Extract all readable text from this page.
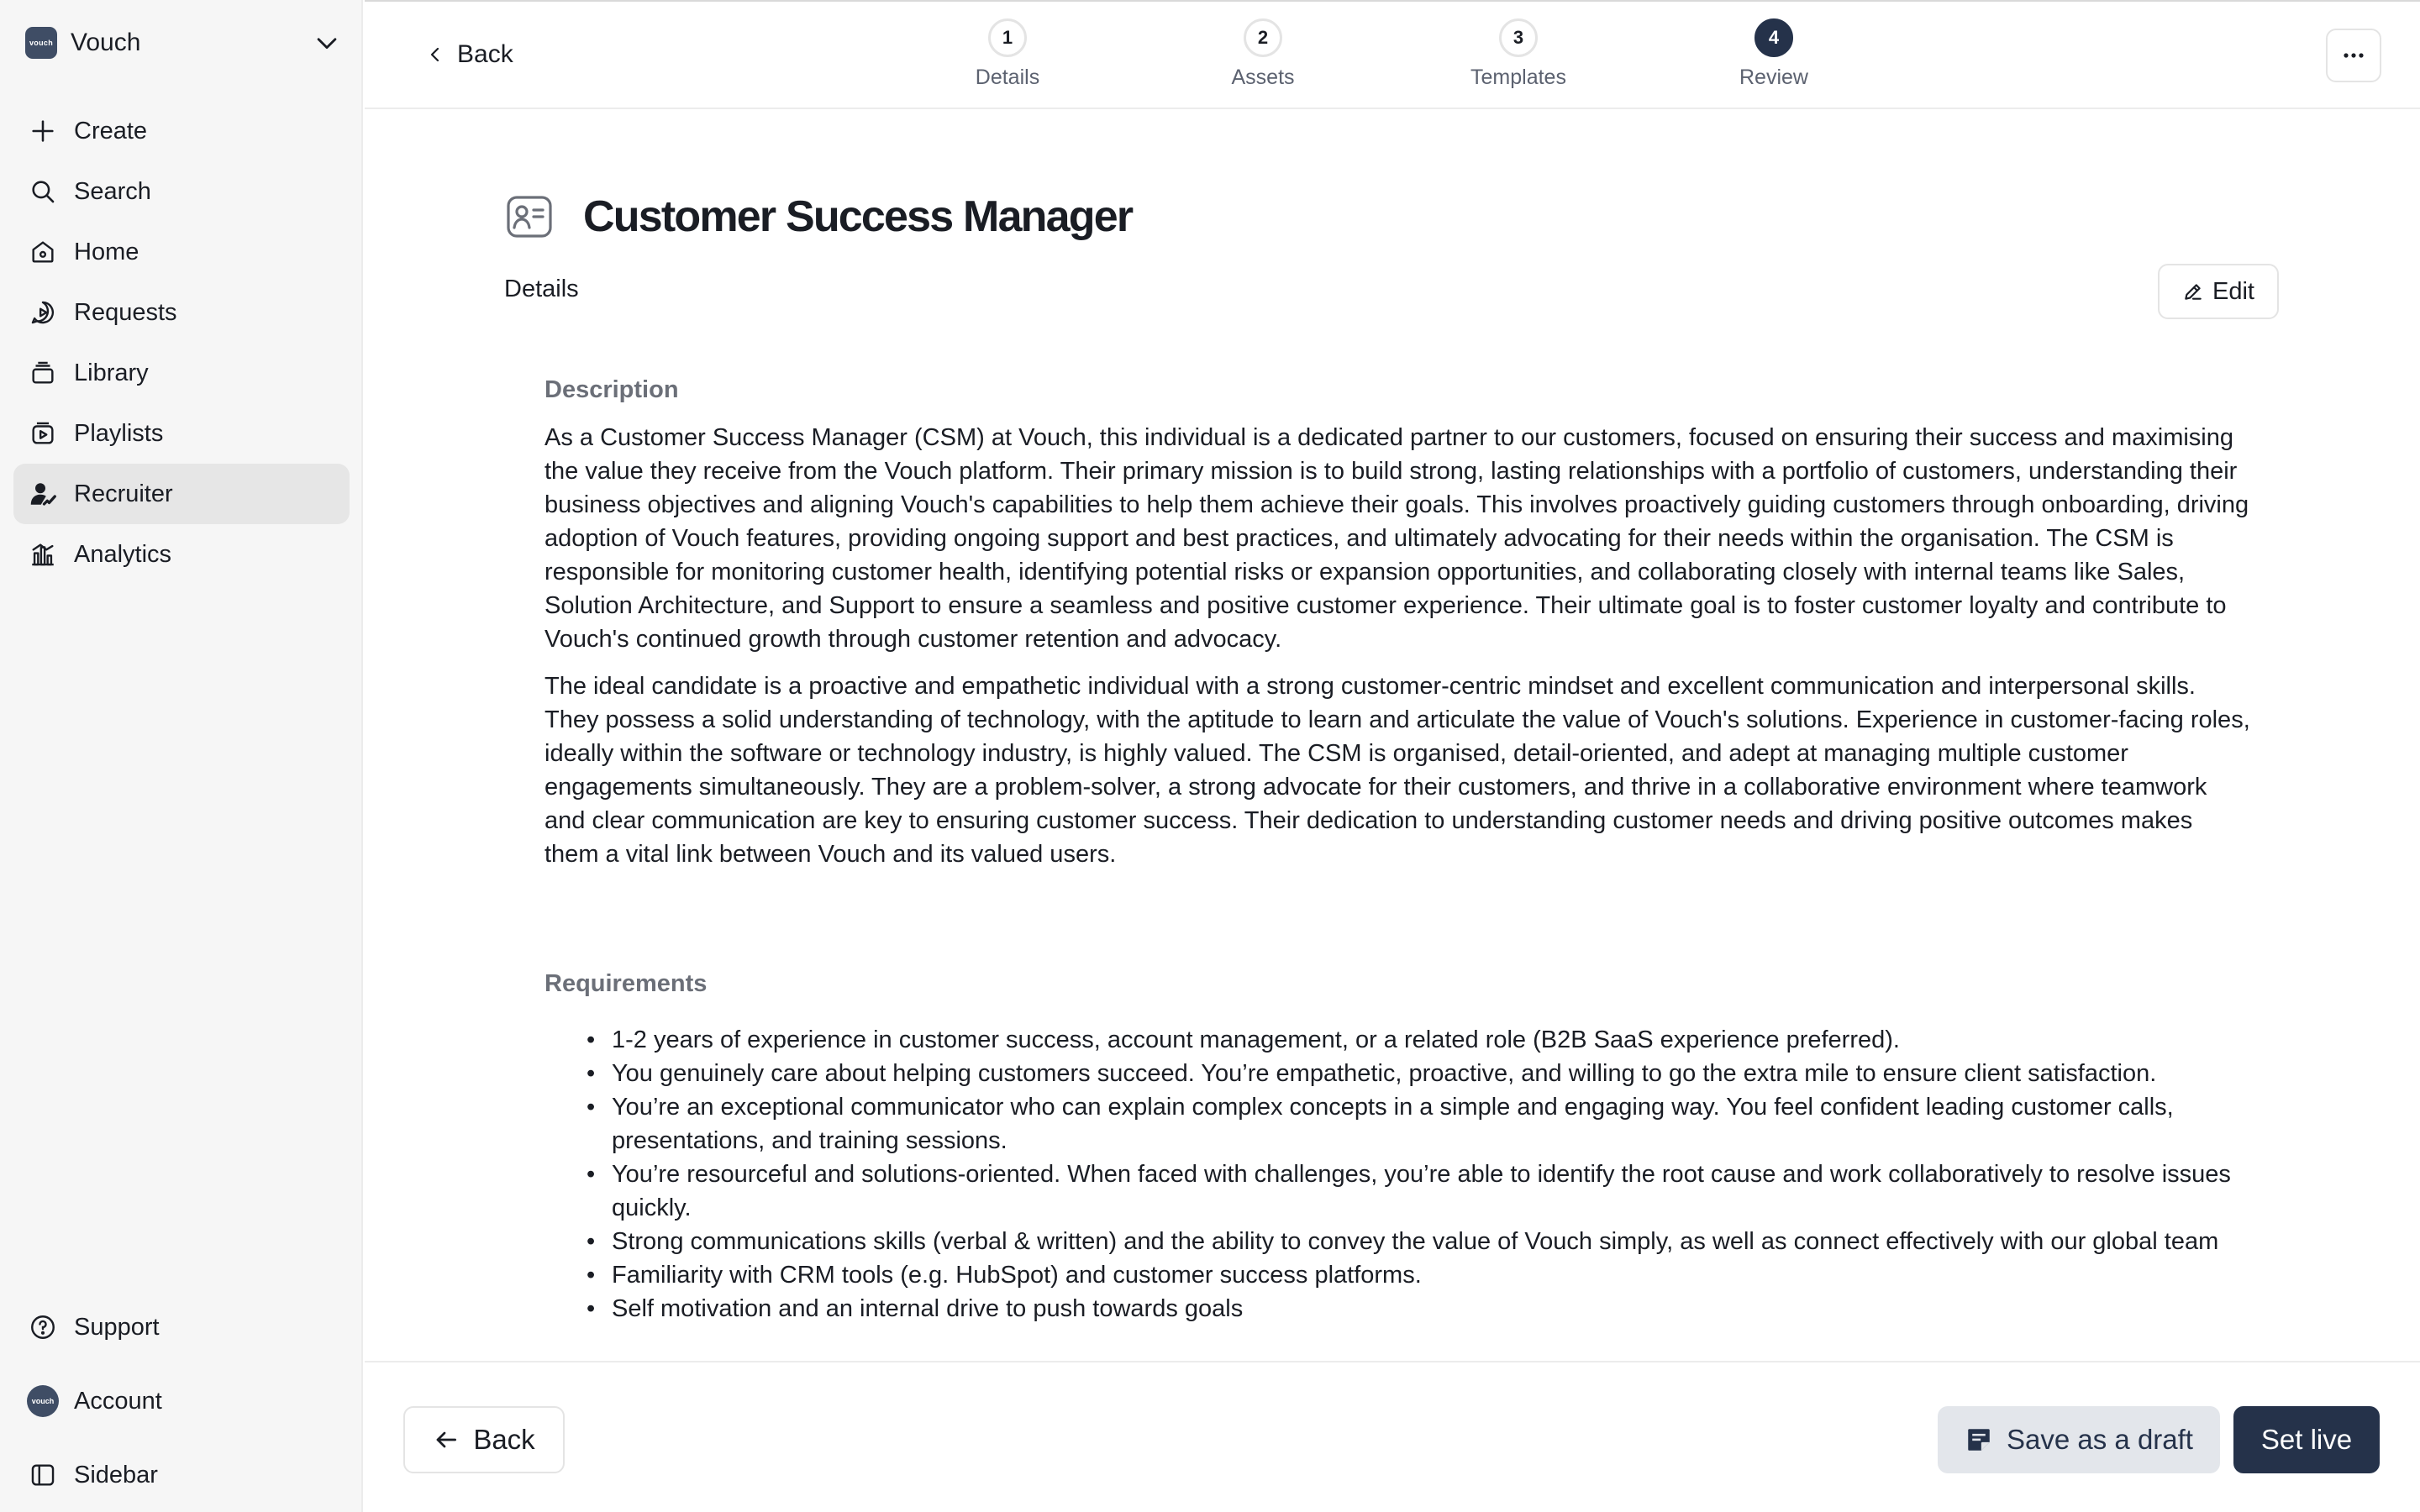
vouch Vouch
Create
Search
Home
Requests
Library
Playlists
Recruiter
Analytics
Support
vouch Account
Sidebar
Back
1
Details
2
Assets
3
Templates
4
Review
Customer Success Manager
Details	Edit
Description

As a Customer Success Manager (CSM) at Vouch, this individual is a dedicated partner to our customers, focused on ensuring their success and maximising the value they receive from the Vouch platform. Their primary mission is to build strong, lasting relationships with a portfolio of customers, understanding their business objectives and aligning Vouch's capabilities to help them achieve their goals. This involves proactively guiding customers through onboarding, driving adoption of Vouch features, providing ongoing support and best practices, and ultimately advocating for their needs within the organisation. The CSM is responsible for monitoring customer health, identifying potential risks or expansion opportunities, and collaborating closely with internal teams like Sales, Solution Architecture, and Support to ensure a seamless and positive customer experience. Their ultimate goal is to foster customer loyalty and contribute to Vouch's continued growth through customer retention and advocacy.

The ideal candidate is a proactive and empathetic individual with a strong customer-centric mindset and excellent communication and interpersonal skills. They possess a solid understanding of technology, with the aptitude to learn and articulate the value of Vouch's solutions. Experience in customer-facing roles, ideally within the software or technology industry, is highly valued. The CSM is organised, detail-oriented, and adept at managing multiple customer engagements simultaneously. They are a problem-solver, a strong advocate for their customers, and thrive in a collaborative environment where teamwork and clear communication are key to ensuring customer success. Their dedication to understanding customer needs and driving positive outcomes makes them a vital link between Vouch and its valued users.

Requirements
• 1-2 years of experience in customer success, account management, or a related role (B2B SaaS experience preferred).
• You genuinely care about helping customers succeed. You’re empathetic, proactive, and willing to go the extra mile to ensure client satisfaction.
• You’re an exceptional communicator who can explain complex concepts in a simple and engaging way. You feel confident leading customer calls, presentations, and training sessions.
• You’re resourceful and solutions-oriented. When faced with challenges, you’re able to identify the root cause and work collaboratively to resolve issues quickly.
• Strong communications skills (verbal & written) and the ability to convey the value of Vouch simply, as well as connect effectively with our global team
• Familiarity with CRM tools (e.g. HubSpot) and customer success platforms.
• Self motivation and an internal drive to push towards goals
Back	Save as a draft Set live
